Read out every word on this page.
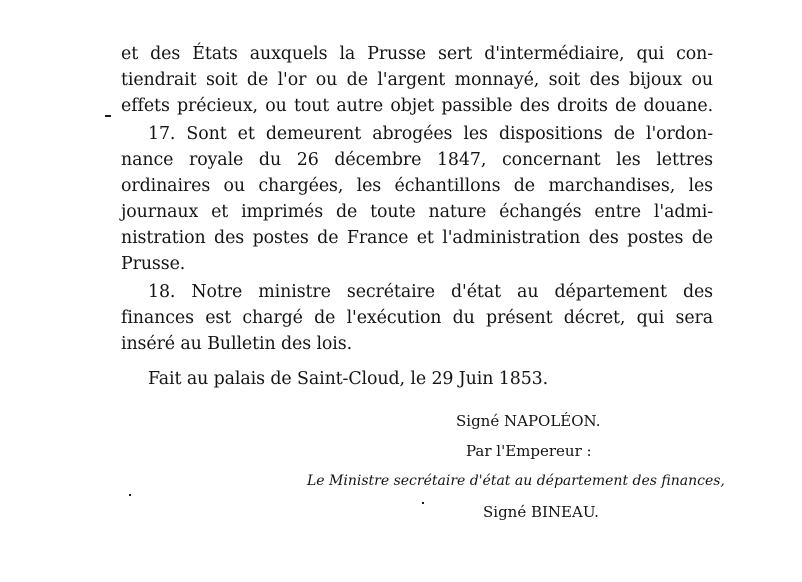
et des États auxquels la Prusse sert d'intermédiaire, qui con-
tiendrait soit de l'or ou de l'argent monnayé, soit des bijoux ou
effets précieux, ou tout autre objet passible des droits de douane.
17. Sont et demeurent abrogées les dispositions de l'ordon-
nance royale du 26 décembre 1847, concernant les lettres
ordinaires ou chargées, les échantillons de marchandises, les
journaux et imprimés de toute nature échangés entre l'admi-
nistration des postes de France et l'administration des postes de
Prusse.
18. Notre ministre secrétaire d'état au département des
finances est chargé de l'exécution du présent décret, qui sera
inséré au Bulletin des lois.
Fait au palais de Saint-Cloud, le 29 Juin 1853.
Signé NAPOLÉON.
Par l'Empereur :
Le Ministre secrétaire d'état au département des finances,
Signé BINEAU.
